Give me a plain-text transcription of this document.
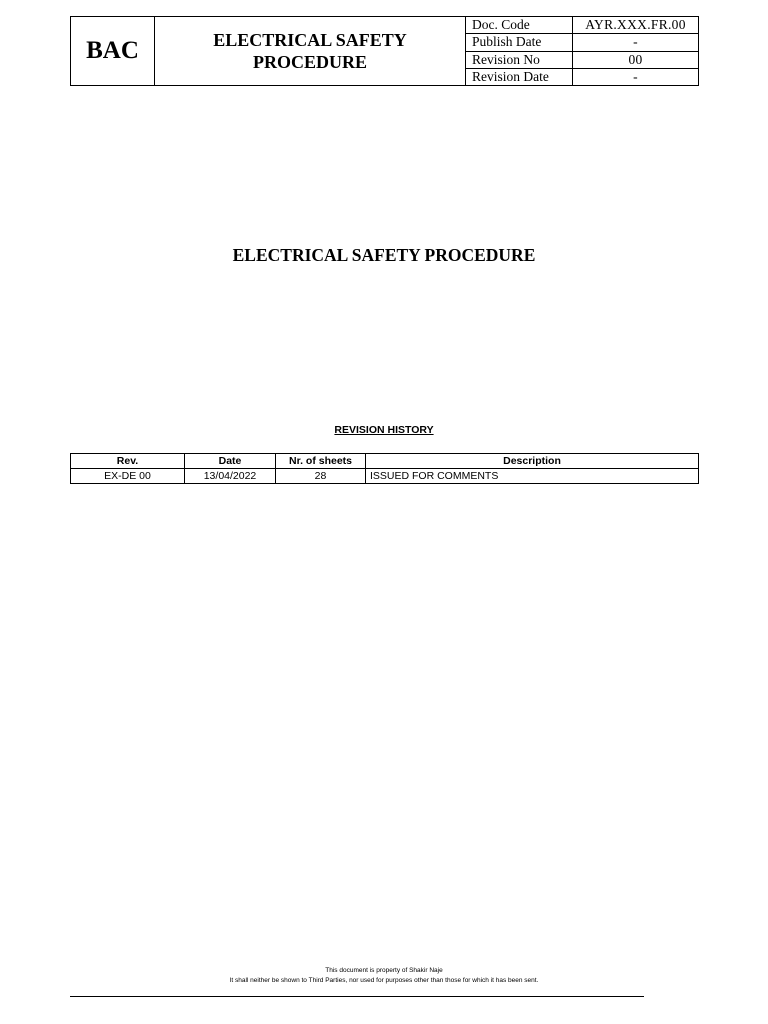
BAC	ELECTRICAL SAFETY
PROCEDURE
Doc. Code	AYR.XXX.FR.00
Publish Date	-
Revision No	00
Revision Date	-
ELECTRICAL SAFETY PROCEDURE
REVISION HISTORY
Rev.	Date	Nr. of sheets	Description
EX-DE 00	13/04/2022	28	ISSUED FOR COMMENTS
This document is property of Shakir Naje
It shall neither be shown to Third Parties, nor used for purposes other than those for which it has been sent.
